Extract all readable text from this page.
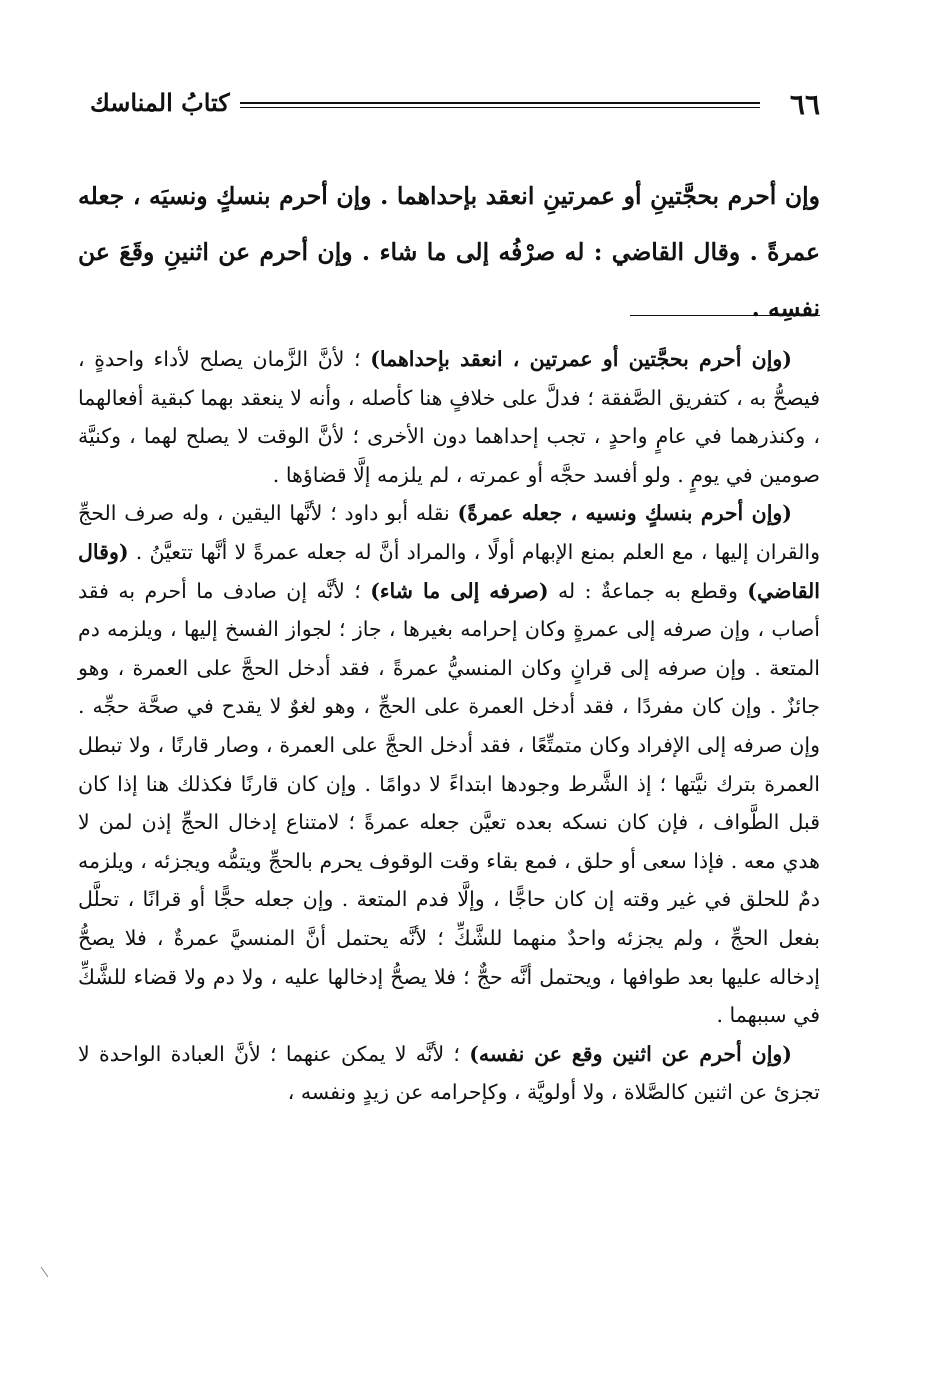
كتابُ المناسك	٦٦
وإن أحرم بحجَّتينِ أو عمرتينِ انعقد بإحداهما . وإن أحرم بنسكٍ ونسيَه ، جعله عمرةً . وقال القاضي : له صرْفُه إلى ما شاء . وإن أحرم عن اثنينِ وقَعَ عن نفسِه .

(وإن أحرم بحجَّتين أو عمرتين ، انعقد بإحداهما) ؛ لأنَّ الزَّمان يصلح لأداء واحدةٍ ، فيصحُّ به ، كتفريق الصَّفقة ؛ فدلَّ على خلافٍ هنا كأصله ، وأنه لا ينعقد بهما كبقية أفعالهما ، وكنذرهما في عامٍ واحدٍ ، تجب إحداهما دون الأخرى ؛ لأنَّ الوقت لا يصلح لهما ، وكنيَّة صومين في يومٍ . ولو أفسد حجَّه أو عمرته ، لم يلزمه إلَّا قضاؤها .

(وإن أحرم بنسكٍ ونسيه ، جعله عمرةً) نقله أبو داود ؛ لأنَّها اليقين ، وله صرف الحجِّ والقران إليها ، مع العلم بمنع الإبهام أولًا ، والمراد أنَّ له جعله عمرةً لا أنَّها تتعيَّنُ . (وقال القاضي) وقطع به جماعةٌ : له (صرفه إلى ما شاء) ؛ لأنَّه إن صادف ما أحرم به فقد أصاب ، وإن صرفه إلى عمرةٍ وكان إحرامه بغيرها ، جاز ؛ لجواز الفسخ إليها ، ويلزمه دم المتعة . وإن صرفه إلى قرانٍ وكان المنسيُّ عمرةً ، فقد أدخل الحجَّ على العمرة ، وهو جائزٌ . وإن كان مفردًا ، فقد أدخل العمرة على الحجِّ ، وهو لغوٌ لا يقدح في صحَّة حجِّه . وإن صرفه إلى الإفراد وكان متمتِّعًا ، فقد أدخل الحجَّ على العمرة ، وصار قارنًا ، ولا تبطل العمرة بترك نيَّتها ؛ إذ الشَّرط وجودها ابتداءً لا دوامًا . وإن كان قارنًا فكذلك هنا إذا كان قبل الطَّواف ، فإن كان نسكه بعده تعيَّن جعله عمرةً ؛ لامتناع إدخال الحجِّ إذن لمن لا هدي معه . فإذا سعى أو حلق ، فمع بقاء وقت الوقوف يحرم بالحجِّ ويتمُّه ويجزئه ، ويلزمه دمٌ للحلق في غير وقته إن كان حاجًّا ، وإلَّا فدم المتعة . وإن جعله حجًّا أو قرانًا ، تحلَّل بفعل الحجِّ ، ولم يجزئه واحدٌ منهما للشَّكِّ ؛ لأنَّه يحتمل أنَّ المنسيَّ عمرةٌ ، فلا يصحُّ إدخاله عليها بعد طوافها ، ويحتمل أنَّه حجٌّ ؛ فلا يصحُّ إدخالها عليه ، ولا دم ولا قضاء للشَّكِّ في سببهما .

(وإن أحرم عن اثنين وقع عن نفسه) ؛ لأنَّه لا يمكن عنهما ؛ لأنَّ العبادة الواحدة لا تجزئ عن اثنين كالصَّلاة ، ولا أولويَّة ، وكإحرامه عن زيدٍ ونفسه ،
